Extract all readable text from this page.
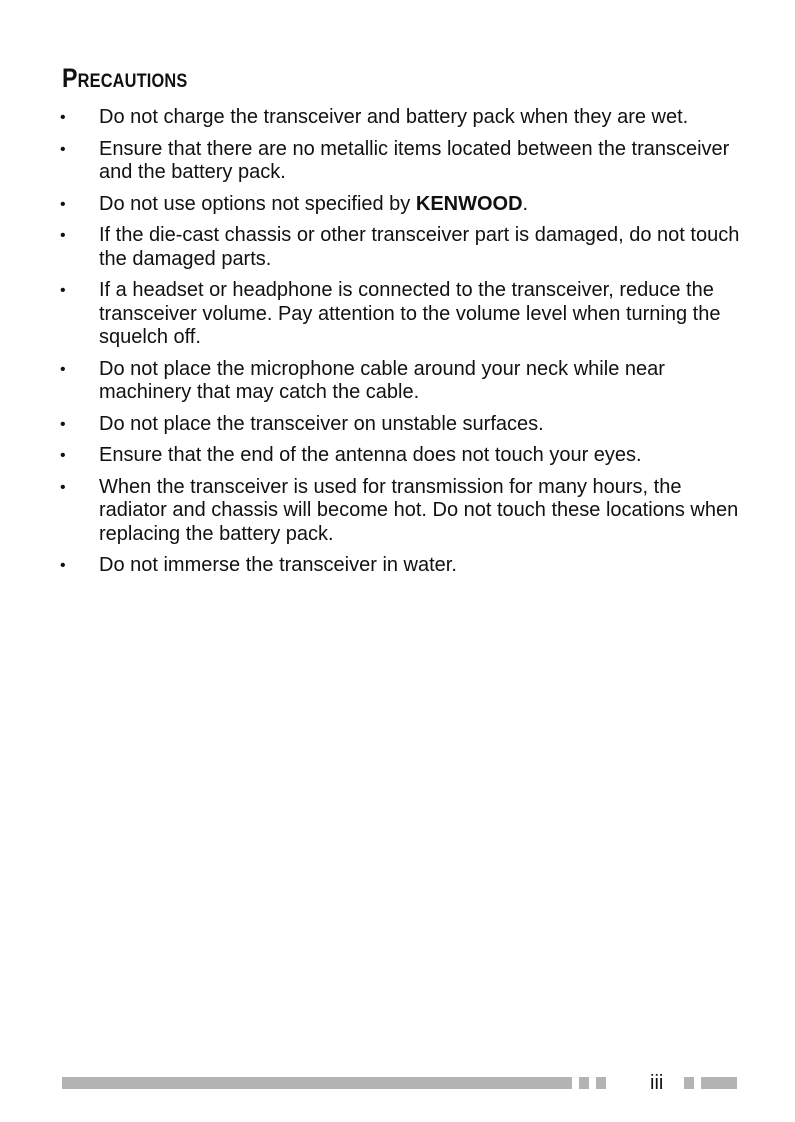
Precautions
• Do not charge the transceiver and battery pack when they are wet.
• Ensure that there are no metallic items located between the transceiver and the battery pack.
• Do not use options not specified by KENWOOD.
• If the die-cast chassis or other transceiver part is damaged, do not touch the damaged parts.
• If a headset or headphone is connected to the transceiver, reduce the transceiver volume. Pay attention to the volume level when turning the squelch off.
• Do not place the microphone cable around your neck while near machinery that may catch the cable.
• Do not place the transceiver on unstable surfaces.
• Ensure that the end of the antenna does not touch your eyes.
• When the transceiver is used for transmission for many hours, the radiator and chassis will become hot. Do not touch these locations when replacing the battery pack.
• Do not immerse the transceiver in water.
iii
